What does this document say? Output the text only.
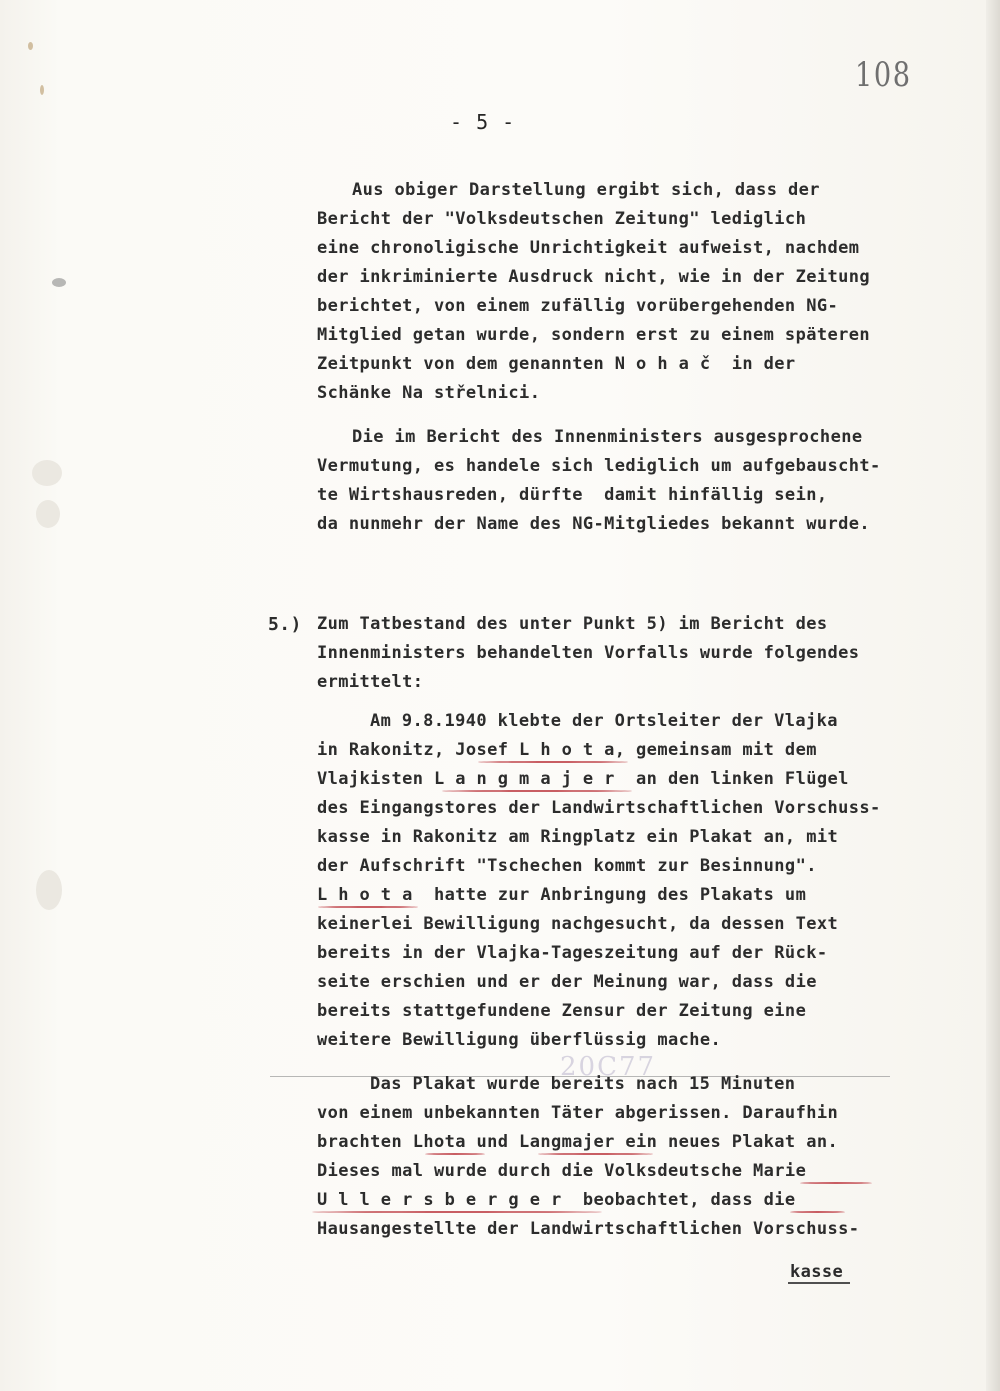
108
- 5 -
20C77
Aus obiger Darstellung ergibt sich, dass der
Bericht der "Volksdeutschen Zeitung" lediglich
eine chronoligische Unrichtigkeit aufweist, nachdem
der inkriminierte Ausdruck nicht, wie in der Zeitung
berichtet, von einem zufällig vorübergehenden NG-
Mitglied getan wurde, sondern erst zu einem späteren
Zeitpunkt von dem genannten N o h a č  in der
Schänke Na střelnici.
Die im Bericht des Innenministers ausgesprochene
Vermutung, es handele sich lediglich um aufgebauscht-
te Wirtshausreden, dürfte  damit hinfällig sein,
da nunmehr der Name des NG-Mitgliedes bekannt wurde.
5.) Zum Tatbestand des unter Punkt 5) im Bericht des
Innenministers behandelten Vorfalls wurde folgendes
ermittelt:
Am 9.8.1940 klebte der Ortsleiter der Vlajka
in Rakonitz, Josef L h o t a, gemeinsam mit dem
Vlajkisten L a n g m a j e r  an den linken Flügel
des Eingangstores der Landwirtschaftlichen Vorschuss-
kasse in Rakonitz am Ringplatz ein Plakat an, mit
der Aufschrift "Tschechen kommt zur Besinnung".
L h o t a  hatte zur Anbringung des Plakats um
keinerlei Bewilligung nachgesucht, da dessen Text
bereits in der Vlajka-Tageszeitung auf der Rück-
seite erschien und er der Meinung war, dass die
bereits stattgefundene Zensur der Zeitung eine
weitere Bewilligung überflüssig mache.
Das Plakat wurde bereits nach 15 Minuten
von einem unbekannten Täter abgerissen. Daraufhin
brachten Lhota und Langmajer ein neues Plakat an.
Dieses mal wurde durch die Volksdeutsche Marie
U l l e r s b e r g e r  beobachtet, dass die
Hausangestellte der Landwirtschaftlichen Vorschuss-
kasse
